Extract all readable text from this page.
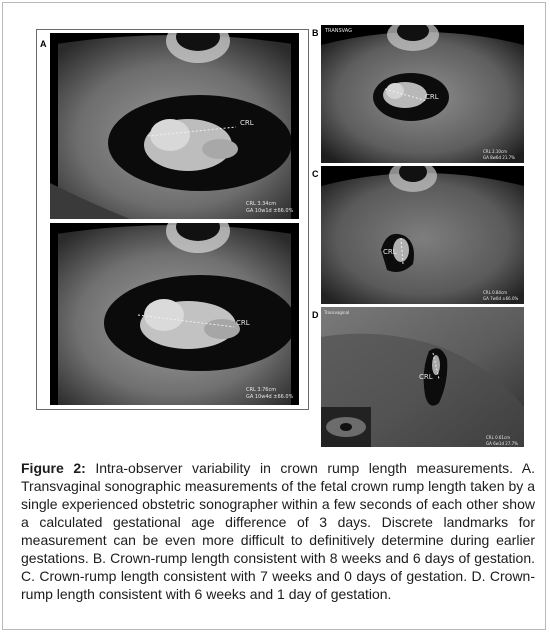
A
B
C
D
CRL
CRL 3.34cm
GA 10w1d ±66.0%
CRL
CRL 3.76cm
GA 10w4d ±66.0%
TRANSVAG
CRL
CRL 2.10cm
GA 8w6d 21.7%
CRL
CRL 0.84cm
GA 7w0d ±66.0%
Transvaginal
CRL
CRL 0.61cm
GA 6w1d 27.7%
Figure 2: Intra-observer variability in crown rump length measurements. A. Transvaginal sonographic measurements of the fetal crown rump length taken by a single experienced obstetric sonographer within a few seconds of each other show a calculated gestational age difference of 3 days. Discrete landmarks for measurement can be even more difficult to definitively determine during earlier gestations. B. Crown-rump length consistent with 8 weeks and 6 days of gestation. C. Crown-rump length consistent with 7 weeks and 0 days of gestation. D. Crown-rump length consistent with 6 weeks and 1 day of gestation.
